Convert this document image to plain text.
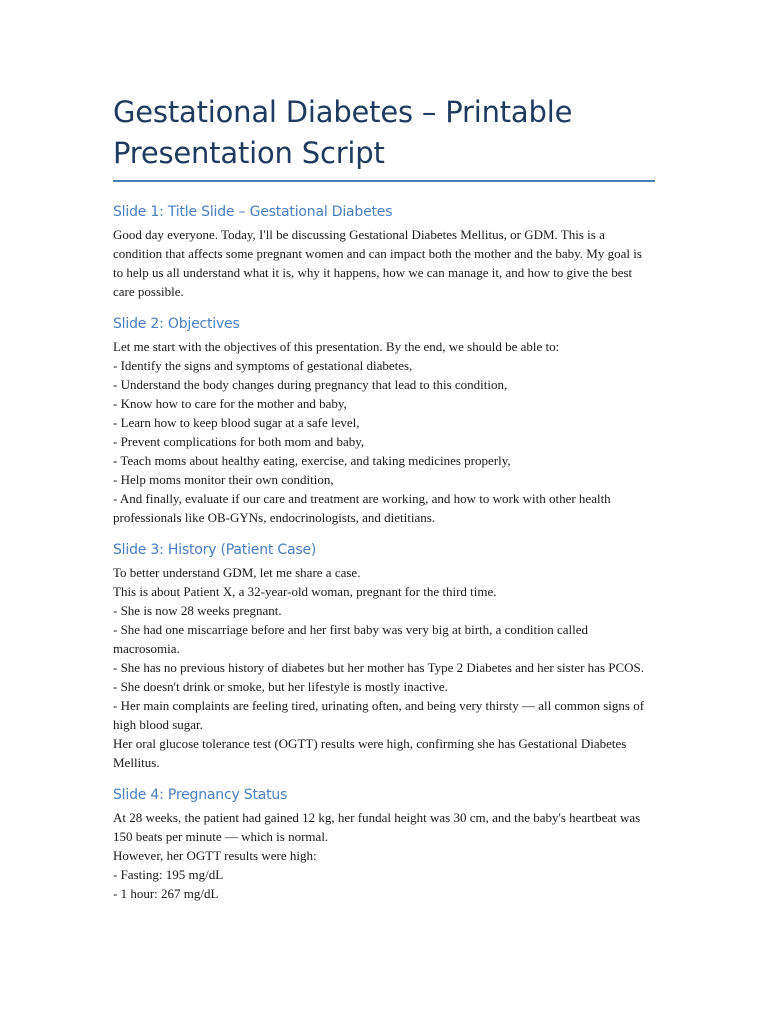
Gestational Diabetes – Printable Presentation Script
Slide 1: Title Slide – Gestational Diabetes

Good day everyone. Today, I'll be discussing Gestational Diabetes Mellitus, or GDM. This is a condition that affects some pregnant women and can impact both the mother and the baby. My goal is to help us all understand what it is, why it happens, how we can manage it, and how to give the best care possible.

Slide 2: Objectives
Let me start with the objectives of this presentation. By the end, we should be able to:
- Identify the signs and symptoms of gestational diabetes,
- Understand the body changes during pregnancy that lead to this condition,
- Know how to care for the mother and baby,
- Learn how to keep blood sugar at a safe level,
- Prevent complications for both mom and baby,
- Teach moms about healthy eating, exercise, and taking medicines properly,
- Help moms monitor their own condition,
- And finally, evaluate if our care and treatment are working, and how to work with other health professionals like OB-GYNs, endocrinologists, and dietitians.
Slide 3: History (Patient Case)
To better understand GDM, let me share a case.
This is about Patient X, a 32-year-old woman, pregnant for the third time.
- She is now 28 weeks pregnant.
- She had one miscarriage before and her first baby was very big at birth, a condition called macrosomia.
- She has no previous history of diabetes but her mother has Type 2 Diabetes and her sister has PCOS.
- She doesn't drink or smoke, but her lifestyle is mostly inactive.
- Her main complaints are feeling tired, urinating often, and being very thirsty — all common signs of high blood sugar.
Her oral glucose tolerance test (OGTT) results were high, confirming she has Gestational Diabetes Mellitus.
Slide 4: Pregnancy Status
At 28 weeks, the patient had gained 12 kg, her fundal height was 30 cm, and the baby's heartbeat was 150 beats per minute — which is normal.
However, her OGTT results were high:
- Fasting: 195 mg/dL
- 1 hour: 267 mg/dL
